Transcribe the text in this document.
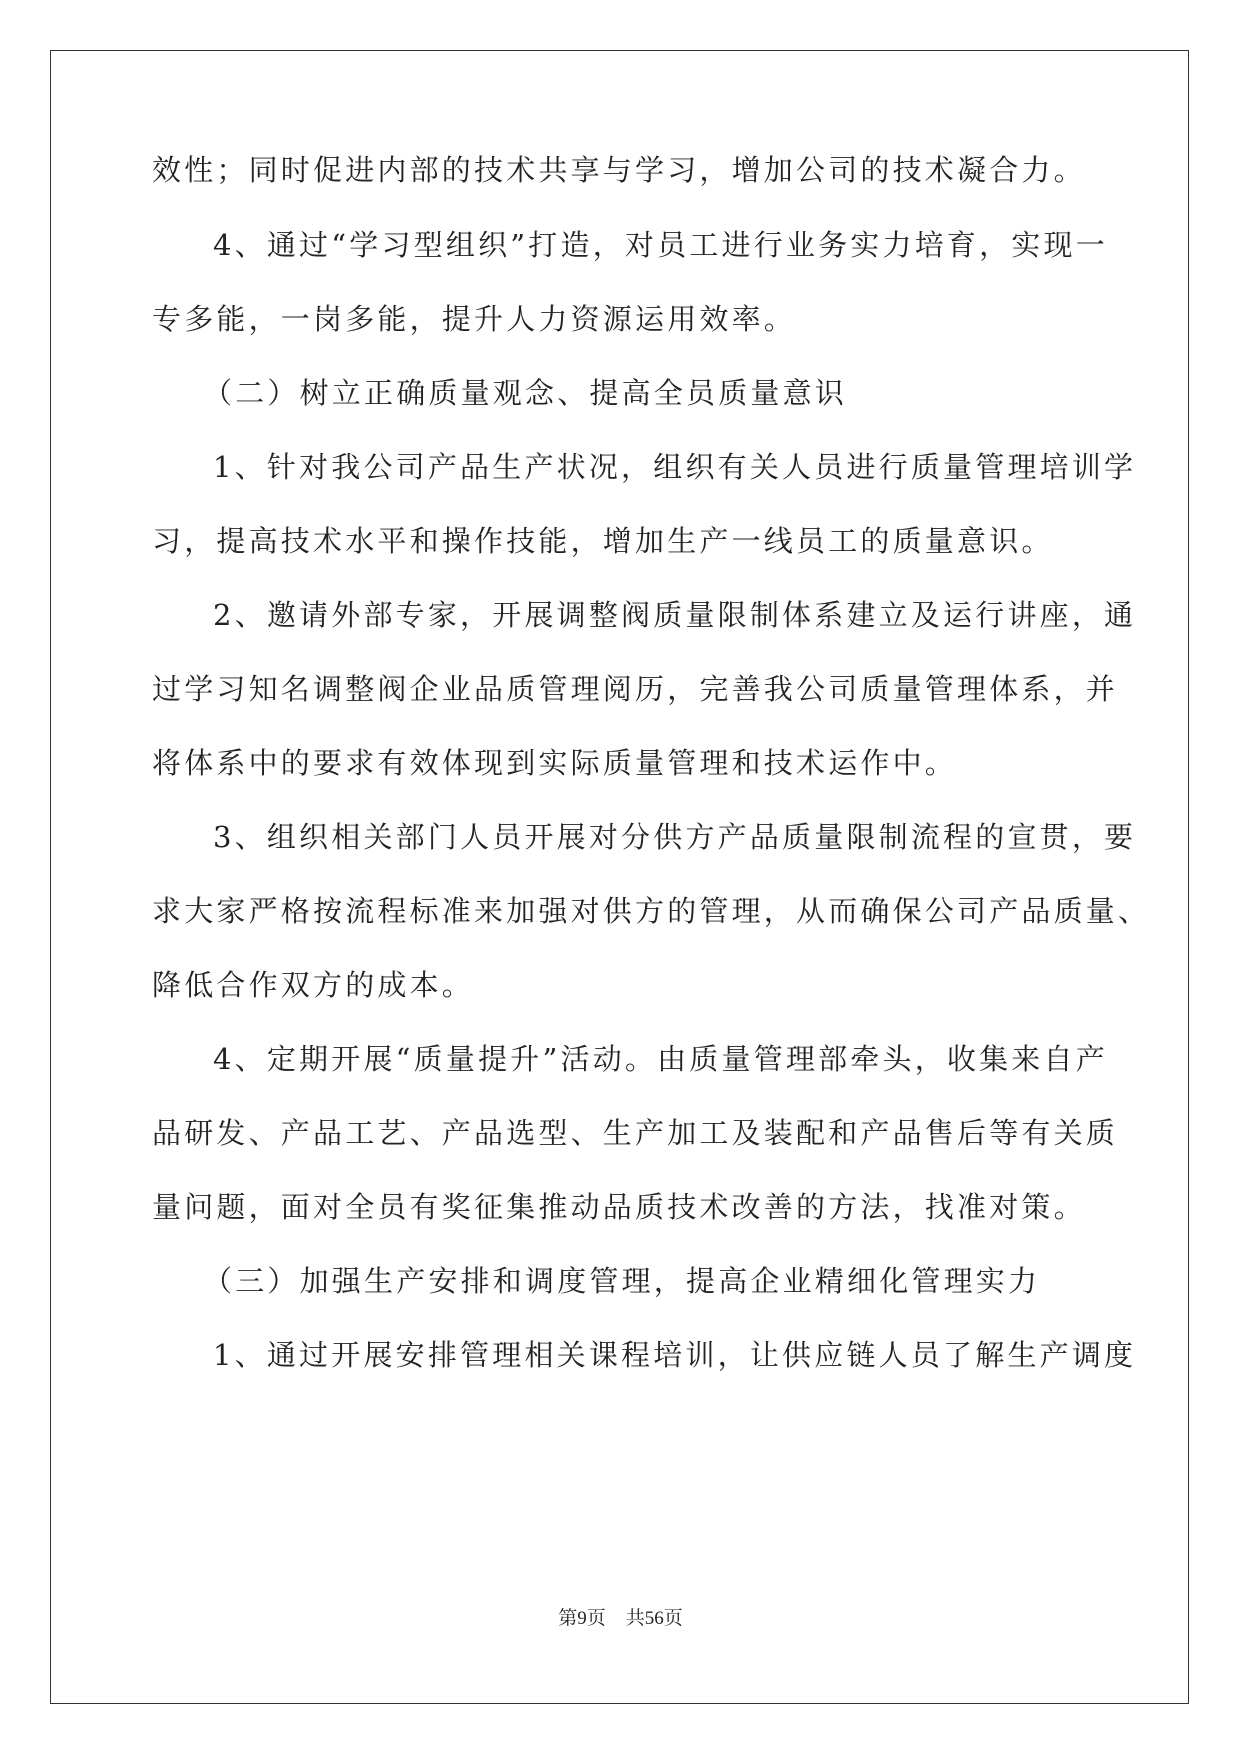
效性；同时促进内部的技术共享与学习，增加公司的技术凝合力。
4、通过“学习型组织”打造，对员工进行业务实力培育，实现一
专多能，一岗多能，提升人力资源运用效率。
（二）树立正确质量观念、提高全员质量意识
1、针对我公司产品生产状况，组织有关人员进行质量管理培训学
习，提高技术水平和操作技能，增加生产一线员工的质量意识。
2、邀请外部专家，开展调整阀质量限制体系建立及运行讲座，通
过学习知名调整阀企业品质管理阅历，完善我公司质量管理体系，并
将体系中的要求有效体现到实际质量管理和技术运作中。
3、组织相关部门人员开展对分供方产品质量限制流程的宣贯，要
求大家严格按流程标准来加强对供方的管理，从而确保公司产品质量、
降低合作双方的成本。
4、定期开展“质量提升”活动。由质量管理部牵头，收集来自产
品研发、产品工艺、产品选型、生产加工及装配和产品售后等有关质
量问题，面对全员有奖征集推动品质技术改善的方法，找准对策。
（三）加强生产安排和调度管理，提高企业精细化管理实力
1、通过开展安排管理相关课程培训，让供应链人员了解生产调度
第9页 共56页
